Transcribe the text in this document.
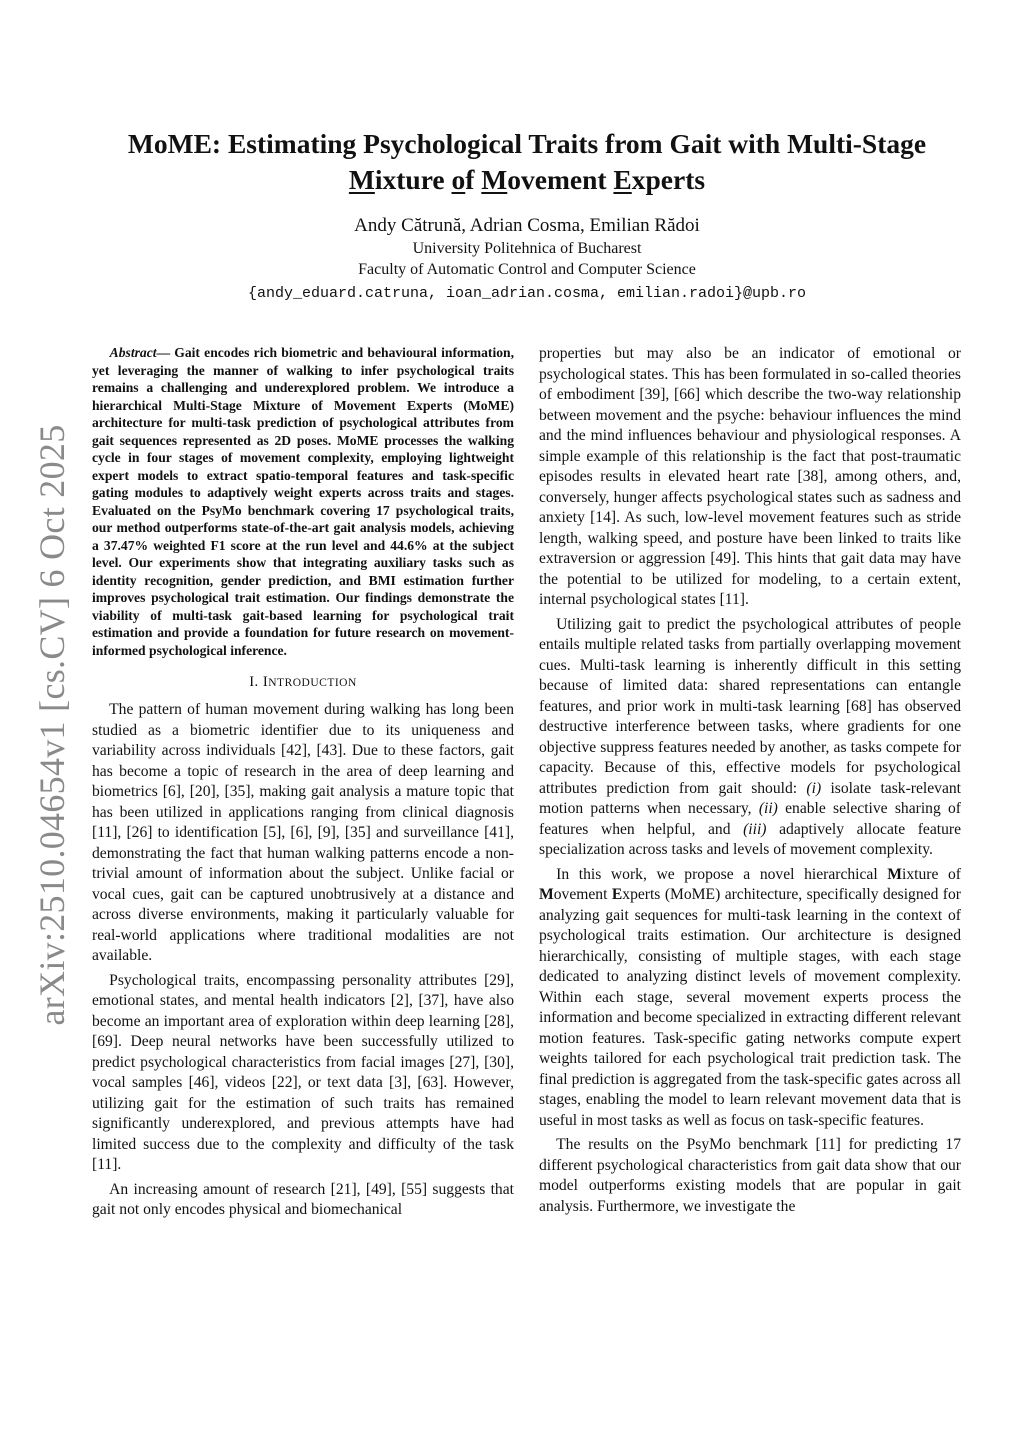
arXiv:2510.04654v1 [cs.CV] 6 Oct 2025
MoME: Estimating Psychological Traits from Gait with Multi-Stage
Mixture of Movement Experts
Andy Cătrună, Adrian Cosma, Emilian Rădoi
University Politehnica of Bucharest
Faculty of Automatic Control and Computer Science
{andy_eduard.catruna, ioan_adrian.cosma, emilian.radoi}@upb.ro

Abstract— Gait encodes rich biometric and behavioural information, yet leveraging the manner of walking to infer psychological traits remains a challenging and underexplored problem. We introduce a hierarchical Multi-Stage Mixture of Movement Experts (MoME) architecture for multi-task prediction of psychological attributes from gait sequences represented as 2D poses. MoME processes the walking cycle in four stages of movement complexity, employing lightweight expert models to extract spatio-temporal features and task-specific gating modules to adaptively weight experts across traits and stages. Evaluated on the PsyMo benchmark covering 17 psychological traits, our method outperforms state-of-the-art gait analysis models, achieving a 37.47% weighted F1 score at the run level and 44.6% at the subject level. Our experiments show that integrating auxiliary tasks such as identity recognition, gender prediction, and BMI estimation further improves psychological trait estimation. Our findings demonstrate the viability of multi-task gait-based learning for psychological trait estimation and provide a foundation for future research on movement-informed psychological inference.

I. INTRODUCTION

The pattern of human movement during walking has long been studied as a biometric identifier due to its uniqueness and variability across individuals [42], [43]. Due to these factors, gait has become a topic of research in the area of deep learning and biometrics [6], [20], [35], making gait analysis a mature topic that has been utilized in applications ranging from clinical diagnosis [11], [26] to identification [5], [6], [9], [35] and surveillance [41], demonstrating the fact that human walking patterns encode a non-trivial amount of information about the subject. Unlike facial or vocal cues, gait can be captured unobtrusively at a distance and across diverse environments, making it particularly valuable for real-world applications where traditional modalities are not available.

Psychological traits, encompassing personality attributes [29], emotional states, and mental health indicators [2], [37], have also become an important area of exploration within deep learning [28], [69]. Deep neural networks have been successfully utilized to predict psychological characteristics from facial images [27], [30], vocal samples [46], videos [22], or text data [3], [63]. However, utilizing gait for the estimation of such traits has remained significantly underexplored, and previous attempts have had limited success due to the complexity and difficulty of the task [11].

An increasing amount of research [21], [49], [55] suggests that gait not only encodes physical and biomechanical

properties but may also be an indicator of emotional or psychological states. This has been formulated in so-called theories of embodiment [39], [66] which describe the two-way relationship between movement and the psyche: behaviour influences the mind and the mind influences behaviour and physiological responses. A simple example of this relationship is the fact that post-traumatic episodes results in elevated heart rate [38], among others, and, conversely, hunger affects psychological states such as sadness and anxiety [14]. As such, low-level movement features such as stride length, walking speed, and posture have been linked to traits like extraversion or aggression [49]. This hints that gait data may have the potential to be utilized for modeling, to a certain extent, internal psychological states [11].

Utilizing gait to predict the psychological attributes of people entails multiple related tasks from partially overlapping movement cues. Multi-task learning is inherently difficult in this setting because of limited data: shared representations can entangle features, and prior work in multi-task learning [68] has observed destructive interference between tasks, where gradients for one objective suppress features needed by another, as tasks compete for capacity. Because of this, effective models for psychological attributes prediction from gait should: (i) isolate task-relevant motion patterns when necessary, (ii) enable selective sharing of features when helpful, and (iii) adaptively allocate feature specialization across tasks and levels of movement complexity.

In this work, we propose a novel hierarchical Mixture of Movement Experts (MoME) architecture, specifically designed for analyzing gait sequences for multi-task learning in the context of psychological traits estimation. Our architecture is designed hierarchically, consisting of multiple stages, with each stage dedicated to analyzing distinct levels of movement complexity. Within each stage, several movement experts process the information and become specialized in extracting different relevant motion features. Task-specific gating networks compute expert weights tailored for each psychological trait prediction task. The final prediction is aggregated from the task-specific gates across all stages, enabling the model to learn relevant movement data that is useful in most tasks as well as focus on task-specific features.

The results on the PsyMo benchmark [11] for predicting 17 different psychological characteristics from gait data show that our model outperforms existing models that are popular in gait analysis. Furthermore, we investigate the
